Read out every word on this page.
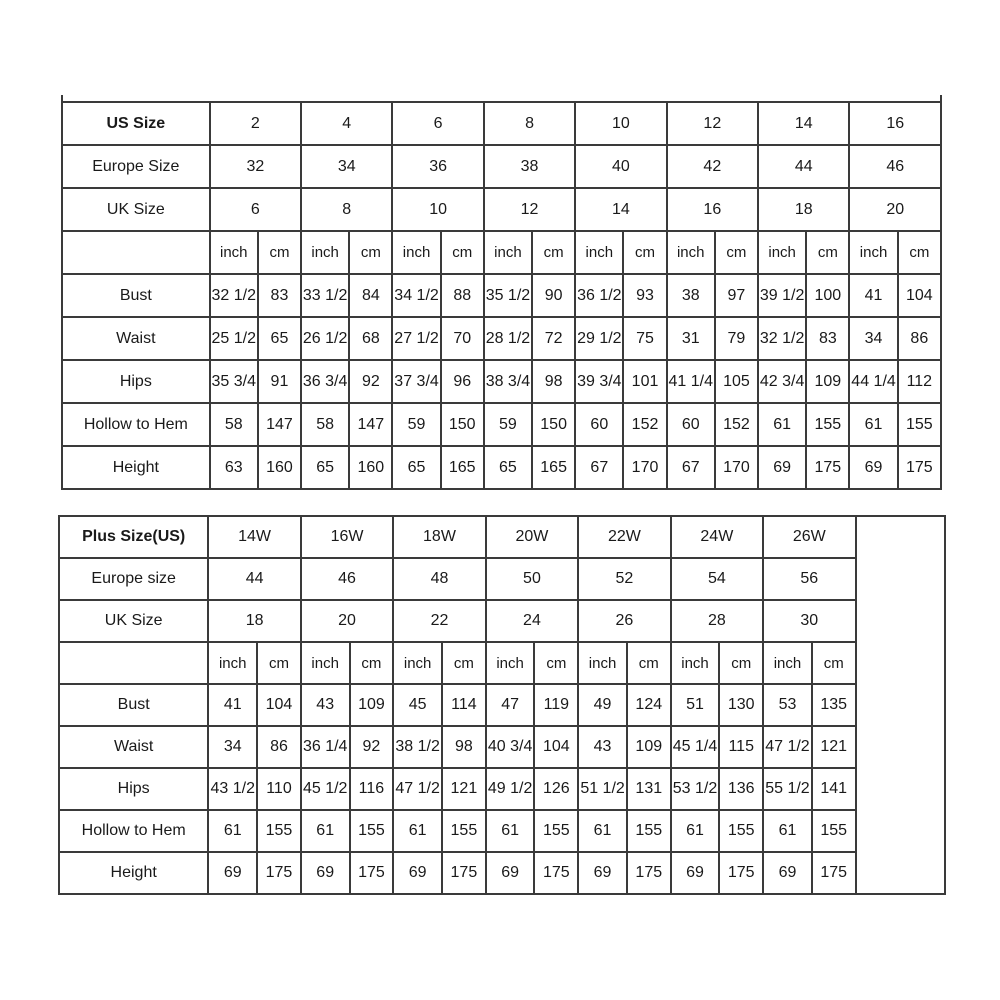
US Size	2		4		6		8		10		12		14		16	
Europe Size	32		34		36		38		40		42		44		46	
UK Size	6		8		10		12		14		16		18		20	
	inch	cm	inch	cm	inch	cm	inch	cm	inch	cm	inch	cm	inch	cm	inch	cm
Bust	32 1/2	83	33 1/2	84	34 1/2	88	35 1/2	90	36 1/2	93	38	97	39 1/2	100	41	104
Waist	25 1/2	65	26 1/2	68	27 1/2	70	28 1/2	72	29 1/2	75	31	79	32 1/2	83	34	86
Hips	35 3/4	91	36 3/4	92	37 3/4	96	38 3/4	98	39 3/4	101	41 1/4	105	42 3/4	109	44 1/4	112
Hollow to Hem	58	147	58	147	59	150	59	150	60	152	60	152	61	155	61	155
Height	63	160	65	160	65	165	65	165	67	170	67	170	69	175	69	175
Plus Size(US)	14W		16W		18W		20W		22W		24W		26W		
Europe size	44		46		48		50		52		54		56		
UK Size	18		20		22		24		26		28		30		
	inch	cm	inch	cm	inch	cm	inch	cm	inch	cm	inch	cm	inch	cm	
Bust	41	104	43	109	45	114	47	119	49	124	51	130	53	135	
Waist	34	86	36 1/4	92	38 1/2	98	40 3/4	104	43	109	45 1/4	115	47 1/2	121	
Hips	43 1/2	110	45 1/2	116	47 1/2	121	49 1/2	126	51 1/2	131	53 1/2	136	55 1/2	141	
Hollow to Hem	61	155	61	155	61	155	61	155	61	155	61	155	61	155	
Height	69	175	69	175	69	175	69	175	69	175	69	175	69	175	
